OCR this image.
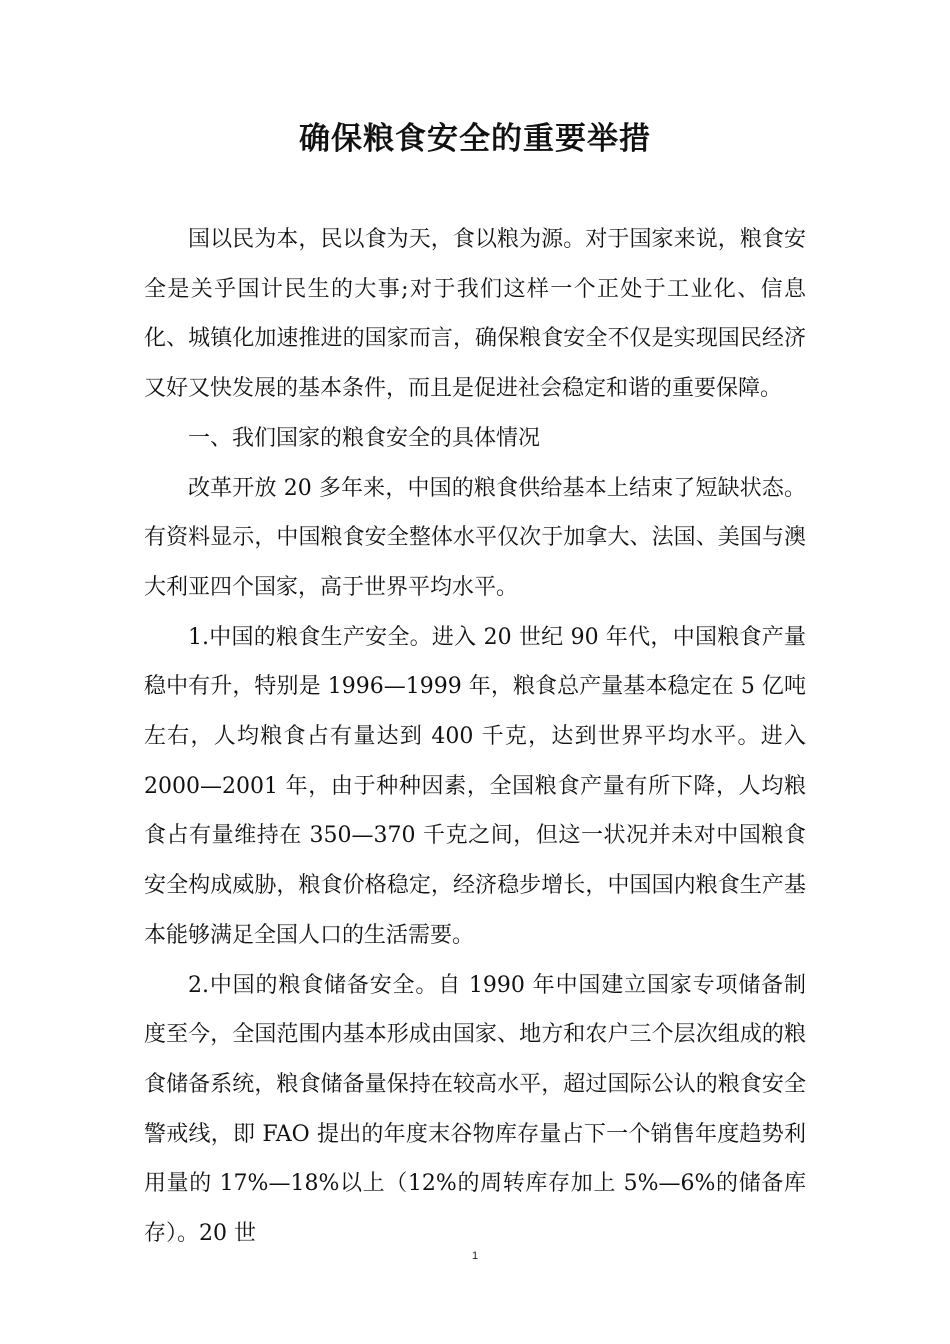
确保粮食安全的重要举措

国以民为本，民以食为天，食以粮为源。对于国家来说，粮食安全是关乎国计民生的大事;对于我们这样一个正处于工业化、信息化、城镇化加速推进的国家而言，确保粮食安全不仅是实现国民经济又好又快发展的基本条件，而且是促进社会稳定和谐的重要保障。

一、我们国家的粮食安全的具体情况

改革开放 20 多年来，中国的粮食供给基本上结束了短缺状态。有资料显示，中国粮食安全整体水平仅次于加拿大、法国、美国与澳大利亚四个国家，高于世界平均水平。

1.中国的粮食生产安全。进入 20 世纪 90 年代，中国粮食产量稳中有升，特别是 1996—1999 年，粮食总产量基本稳定在 5 亿吨左右，人均粮食占有量达到 400 千克，达到世界平均水平。进入 2000—2001 年，由于种种因素，全国粮食产量有所下降，人均粮食占有量维持在 350—370 千克之间，但这一状况并未对中国粮食安全构成威胁，粮食价格稳定，经济稳步增长，中国国内粮食生产基本能够满足全国人口的生活需要。

2.中国的粮食储备安全。自 1990 年中国建立国家专项储备制度至今，全国范围内基本形成由国家、地方和农户三个层次组成的粮食储备系统，粮食储备量保持在较高水平，超过国际公认的粮食安全警戒线，即 FAO 提出的年度末谷物库存量占下一个销售年度趋势利用量的 17%—18%以上（12%的周转库存加上 5%—6%的储备库存）。20 世

1
